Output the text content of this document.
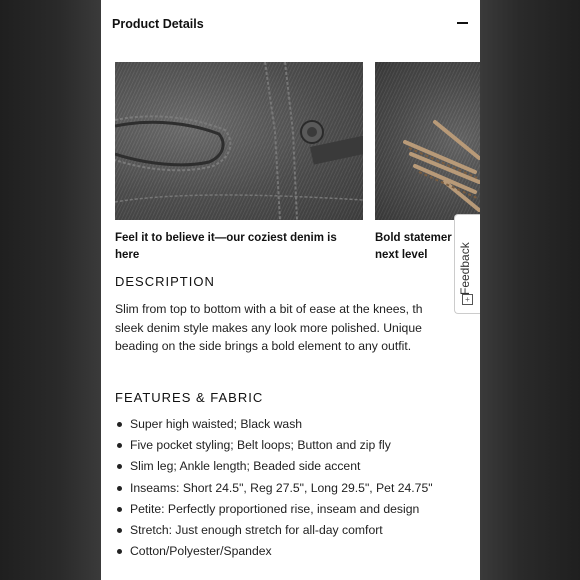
Product Details
Feel it to believe it—our coziest denim is here
Bold statemer
next level
DESCRIPTION
Slim from top to bottom with a bit of ease at the knees, th
sleek denim style makes any look more polished. Unique
beading on the side brings a bold element to any outfit.
FEATURES & FABRIC
Super high waisted; Black wash
Five pocket styling; Belt loops; Button and zip fly
Slim leg; Ankle length; Beaded side accent
Inseams: Short 24.5", Reg 27.5", Long 29.5", Pet 24.75"
Petite: Perfectly proportioned rise, inseam and design
Stretch: Just enough stretch for all-day comfort
Cotton/Polyester/Spandex
Feedback
+
